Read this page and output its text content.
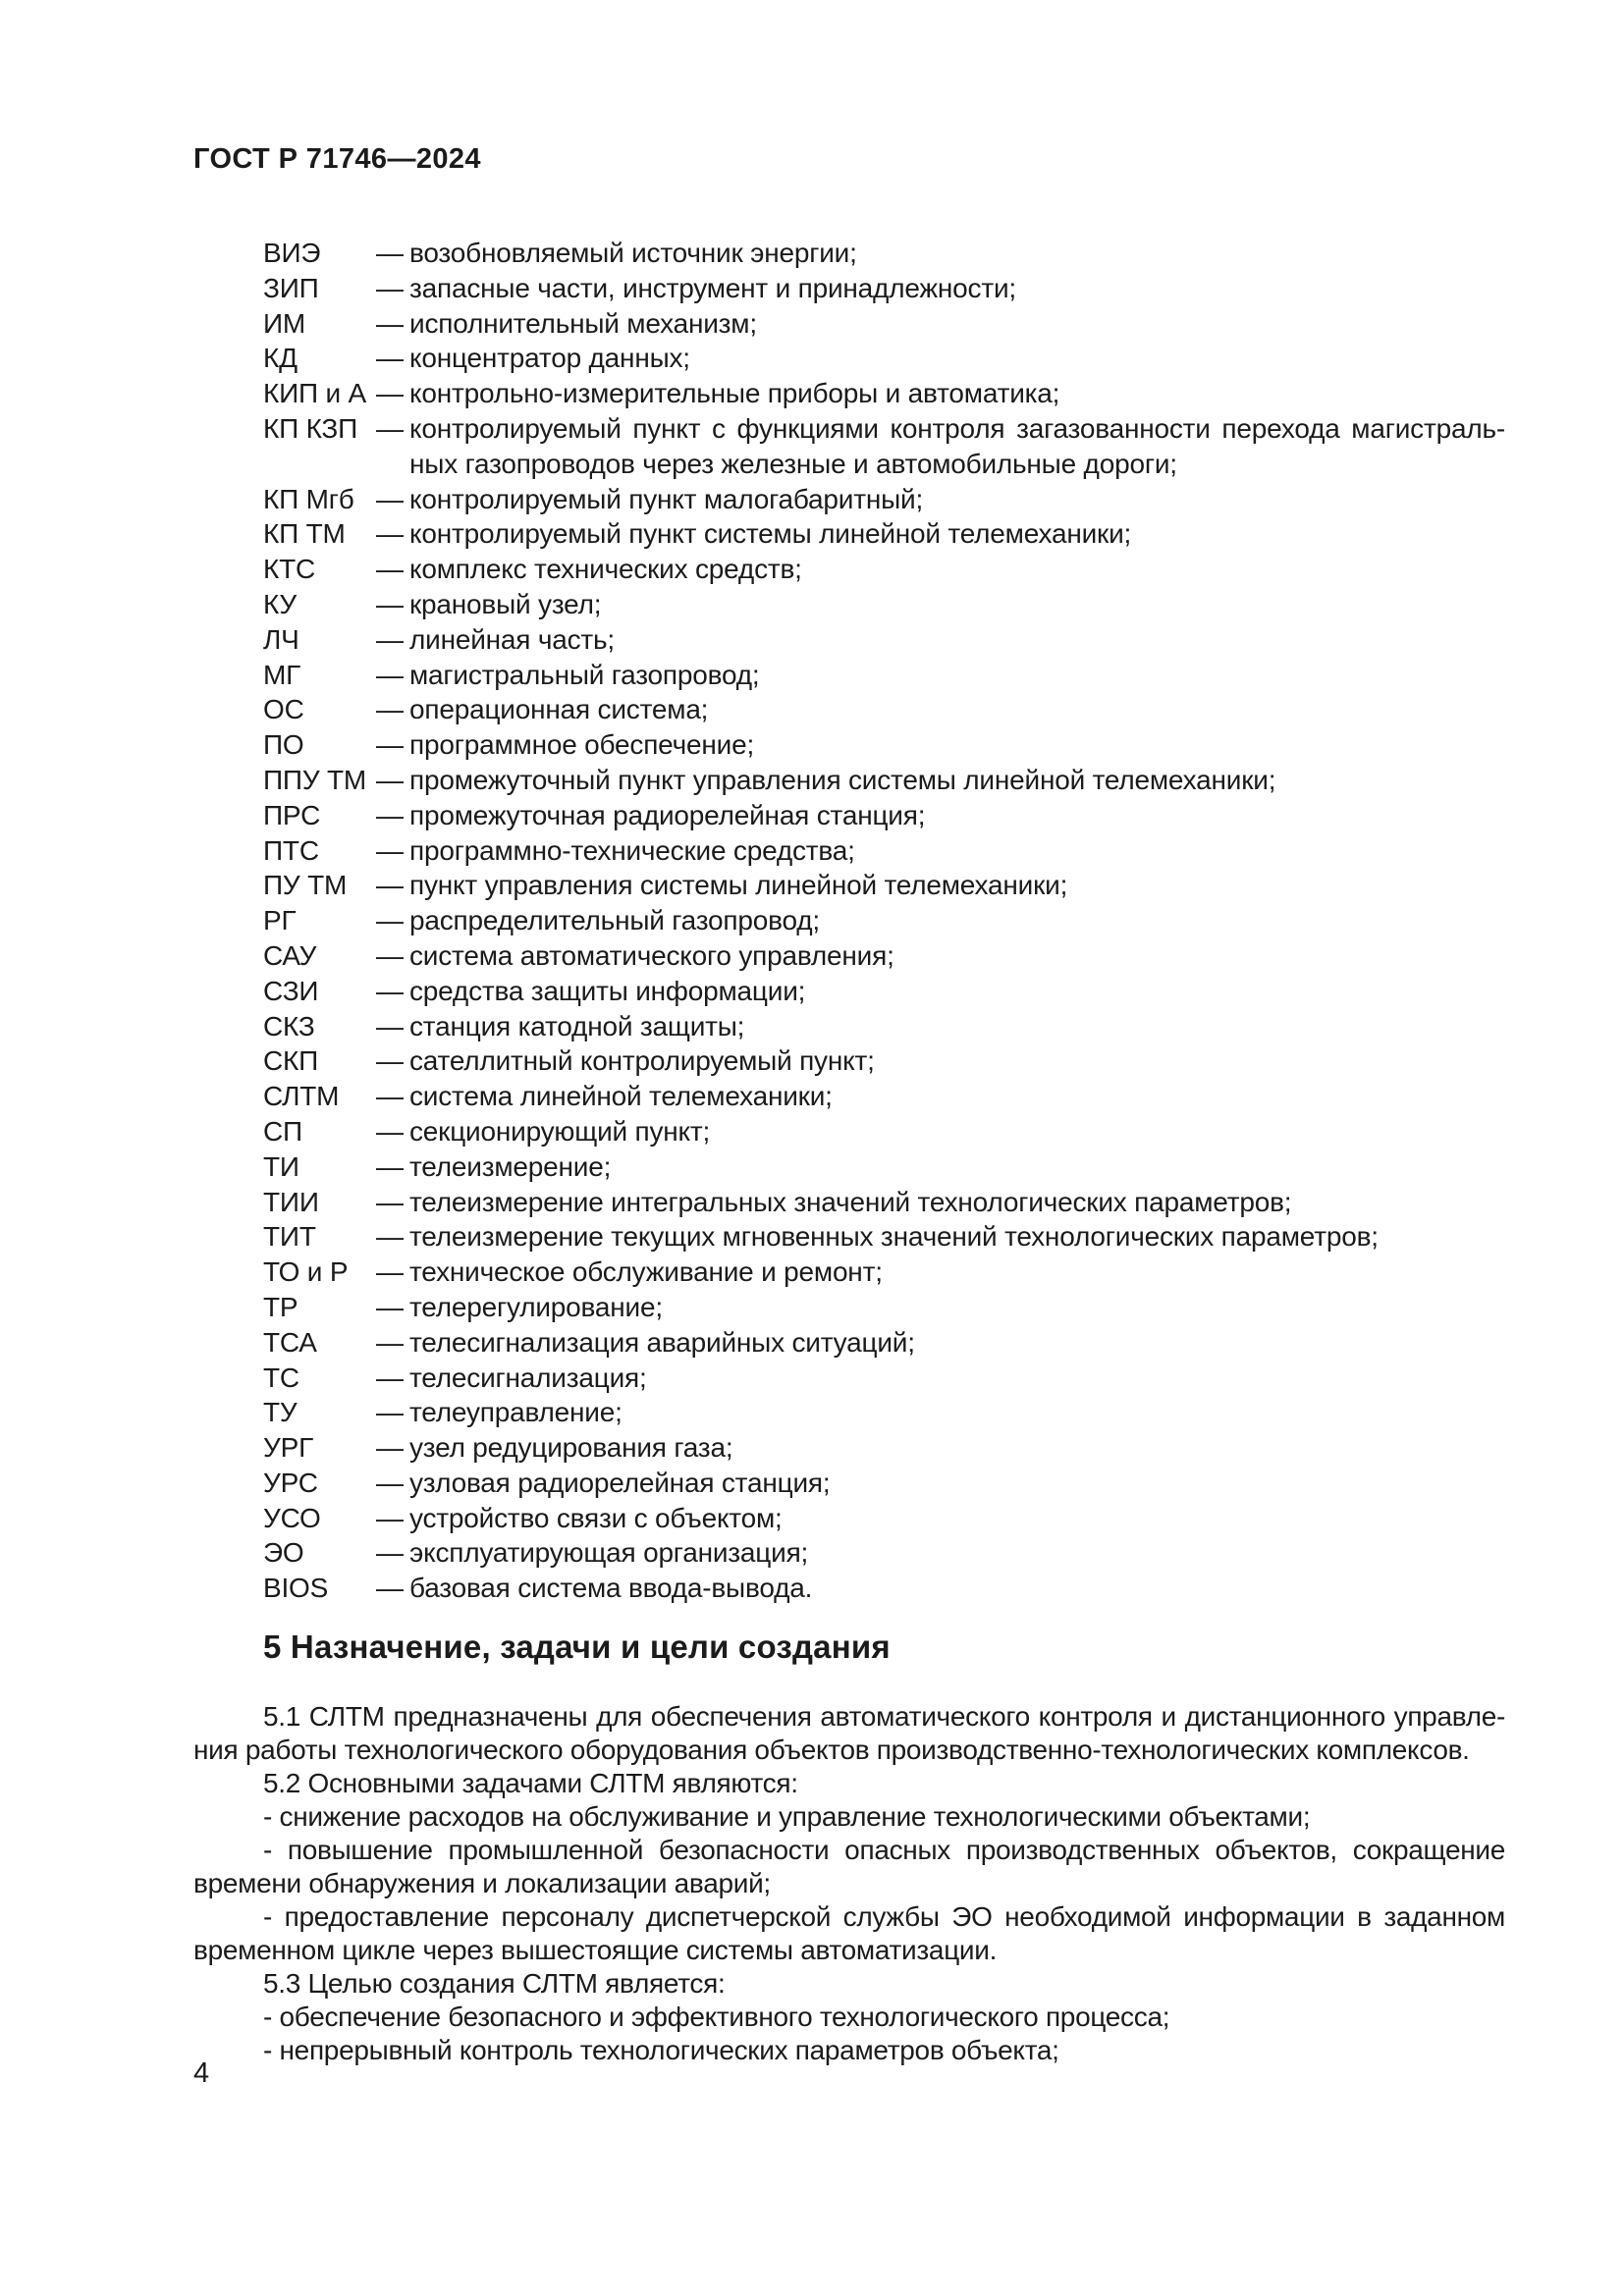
ГОСТ Р 71746—2024
ВИЭ	— возобновляемый источник энергии;
ЗИП	— запасные части, инструмент и принадлежности;
ИМ	— исполнительный механизм;
КД	— концентратор данных;
КИП и А — контрольно-измерительные приборы и автоматика;
КП КЗП — контролируемый пункт с функциями контроля загазованности перехода магистраль-
ных газопроводов через железные и автомобильные дороги;
КП Мгб — контролируемый пункт малогабаритный;
КП ТМ	— контролируемый пункт системы линейной телемеханики;
КТС	— комплекс технических средств;
КУ	— крановый узел;
ЛЧ	— линейная часть;
МГ	— магистральный газопровод;
ОС	— операционная система;
ПО	— программное обеспечение;
ППУ ТМ — промежуточный пункт управления системы линейной телемеханики;
ПРС	— промежуточная радиорелейная станция;
ПТС	— программно-технические средства;
ПУ ТМ	— пункт управления системы линейной телемеханики;
РГ	— распределительный газопровод;
САУ	— система автоматического управления;
СЗИ	— средства защиты информации;
СКЗ	— станция катодной защиты;
СКП	— сателлитный контролируемый пункт;
СЛТМ	— система линейной телемеханики;
СП	— секционирующий пункт;
ТИ	— телеизмерение;
ТИИ	— телеизмерение интегральных значений технологических параметров;
ТИТ	— телеизмерение текущих мгновенных значений технологических параметров;
ТО и Р	— техническое обслуживание и ремонт;
ТР	— телерегулирование;
ТСА	— телесигнализация аварийных ситуаций;
ТС	— телесигнализация;
ТУ	— телеуправление;
УРГ	— узел редуцирования газа;
УРС	— узловая радиорелейная станция;
УСО	— устройство связи с объектом;
ЭО	— эксплуатирующая организация;
BIOS	— базовая система ввода-вывода.
5 Назначение, задачи и цели создания
5.1 СЛТМ предназначены для обеспечения автоматического контроля и дистанционного управле-
ния работы технологического оборудования объектов производственно-технологических комплексов.
5.2 Основными задачами СЛТМ являются:
- снижение расходов на обслуживание и управление технологическими объектами;
- повышение промышленной безопасности опасных производственных объектов, сокращение
времени обнаружения и локализации аварий;
- предоставление персоналу диспетчерской службы ЭО необходимой информации в заданном
временном цикле через вышестоящие системы автоматизации.
5.3 Целью создания СЛТМ является:
- обеспечение безопасного и эффективного технологического процесса;
- непрерывный контроль технологических параметров объекта;
4
